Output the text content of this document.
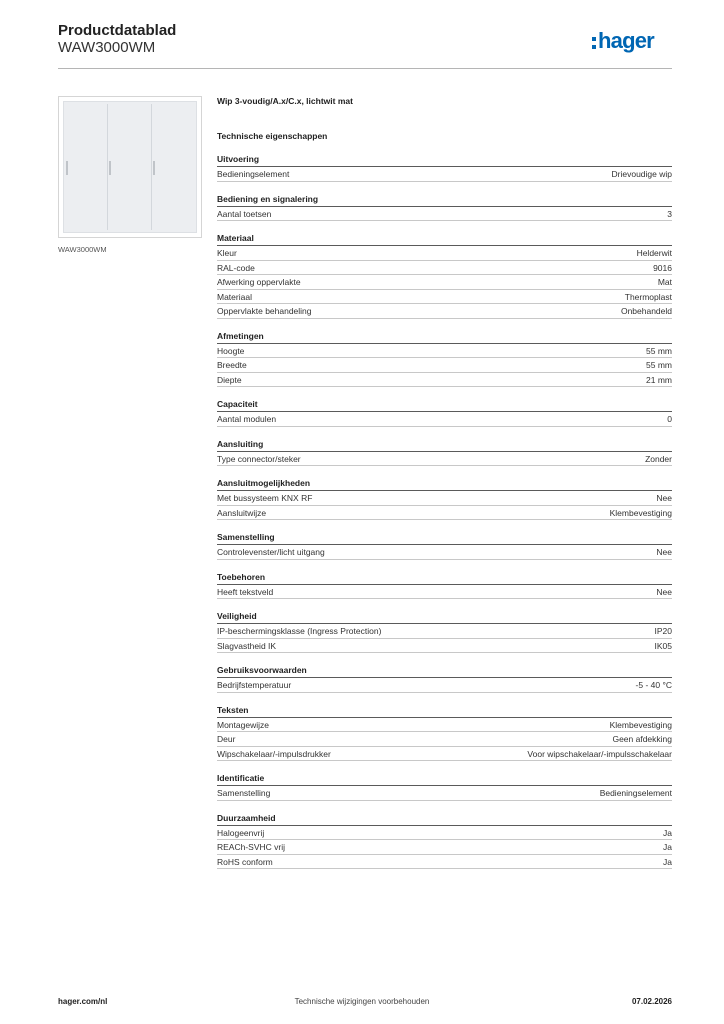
Productdatablad
WAW3000WM	hager
WAW3000WM
Wip 3-voudig/A.x/C.x, lichtwit mat
Technische eigenschappen
Uitvoering
Bedieningselement	Drievoudige wip
Bediening en signalering
Aantal toetsen	3
Materiaal
Kleur	Helderwit
RAL-code	9016
Afwerking oppervlakte	Mat
Materiaal	Thermoplast
Oppervlakte behandeling	Onbehandeld
Afmetingen
Hoogte	55 mm
Breedte	55 mm
Diepte	21 mm
Capaciteit
Aantal modulen	0
Aansluiting
Type connector/steker	Zonder
Aansluitmogelijkheden
Met bussysteem KNX RF	Nee
Aansluitwijze	Klembevestiging
Samenstelling
Controlevenster/licht uitgang	Nee
Toebehoren
Heeft tekstveld	Nee
Veiligheid
IP-beschermingsklasse (Ingress Protection)	IP20
Slagvastheid IK	IK05
Gebruiksvoorwaarden
Bedrijfstemperatuur	-5 - 40 °C
Teksten
Montagewijze	Klembevestiging
Deur	Geen afdekking
Wipschakelaar/-impulsdrukker	Voor wipschakelaar/-impulsschakelaar
Identificatie
Samenstelling	Bedieningselement
Duurzaamheid
Halogeenvrij	Ja
REACh-SVHC vrij	Ja
RoHS conform	Ja
hager.com/nl	Technische wijzigingen voorbehouden	07.02.2026
